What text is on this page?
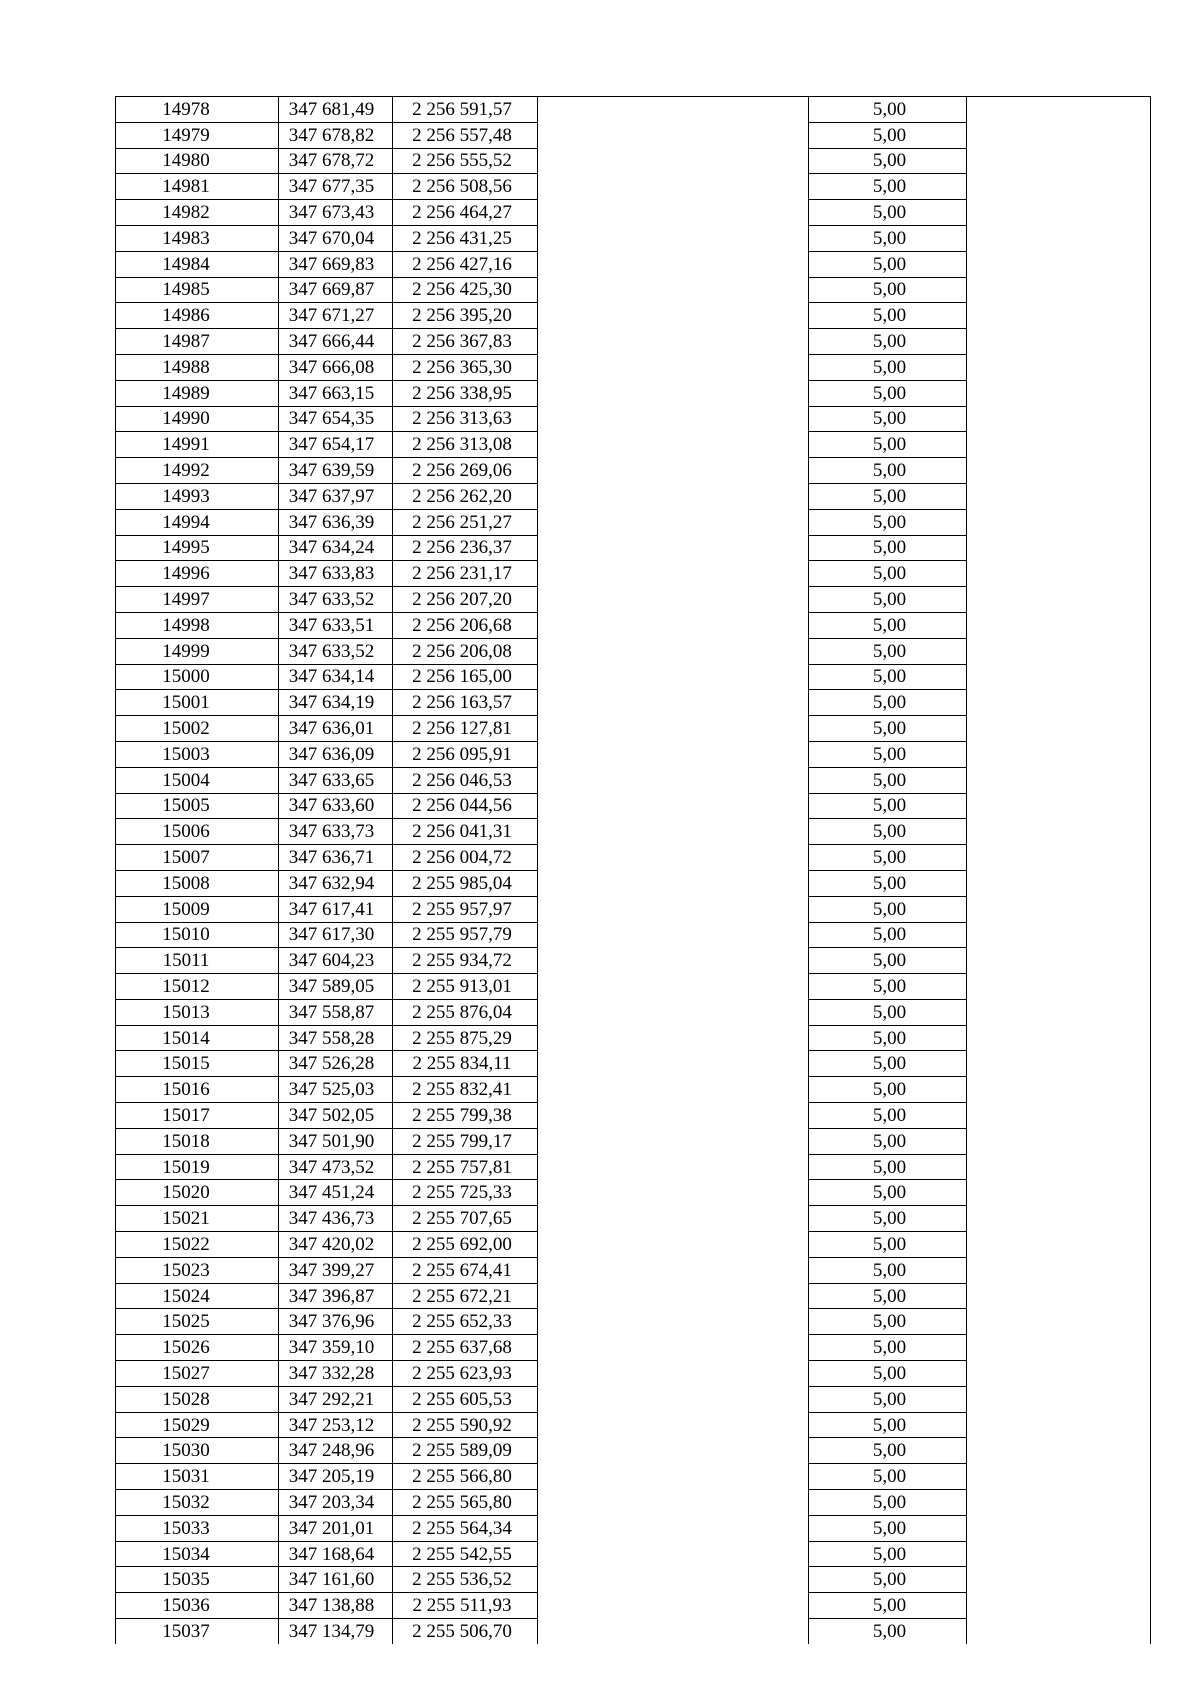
14978	347 681,49	2 256 591,57		5,00	
14979	347 678,82	2 256 557,48		5,00	
14980	347 678,72	2 256 555,52		5,00	
14981	347 677,35	2 256 508,56		5,00	
14982	347 673,43	2 256 464,27		5,00	
14983	347 670,04	2 256 431,25		5,00	
14984	347 669,83	2 256 427,16		5,00	
14985	347 669,87	2 256 425,30		5,00	
14986	347 671,27	2 256 395,20		5,00	
14987	347 666,44	2 256 367,83		5,00	
14988	347 666,08	2 256 365,30		5,00	
14989	347 663,15	2 256 338,95		5,00	
14990	347 654,35	2 256 313,63		5,00	
14991	347 654,17	2 256 313,08		5,00	
14992	347 639,59	2 256 269,06		5,00	
14993	347 637,97	2 256 262,20		5,00	
14994	347 636,39	2 256 251,27		5,00	
14995	347 634,24	2 256 236,37		5,00	
14996	347 633,83	2 256 231,17		5,00	
14997	347 633,52	2 256 207,20		5,00	
14998	347 633,51	2 256 206,68		5,00	
14999	347 633,52	2 256 206,08		5,00	
15000	347 634,14	2 256 165,00		5,00	
15001	347 634,19	2 256 163,57		5,00	
15002	347 636,01	2 256 127,81		5,00	
15003	347 636,09	2 256 095,91		5,00	
15004	347 633,65	2 256 046,53		5,00	
15005	347 633,60	2 256 044,56		5,00	
15006	347 633,73	2 256 041,31		5,00	
15007	347 636,71	2 256 004,72		5,00	
15008	347 632,94	2 255 985,04		5,00	
15009	347 617,41	2 255 957,97		5,00	
15010	347 617,30	2 255 957,79		5,00	
15011	347 604,23	2 255 934,72		5,00	
15012	347 589,05	2 255 913,01		5,00	
15013	347 558,87	2 255 876,04		5,00	
15014	347 558,28	2 255 875,29		5,00	
15015	347 526,28	2 255 834,11		5,00	
15016	347 525,03	2 255 832,41		5,00	
15017	347 502,05	2 255 799,38		5,00	
15018	347 501,90	2 255 799,17		5,00	
15019	347 473,52	2 255 757,81		5,00	
15020	347 451,24	2 255 725,33		5,00	
15021	347 436,73	2 255 707,65		5,00	
15022	347 420,02	2 255 692,00		5,00	
15023	347 399,27	2 255 674,41		5,00	
15024	347 396,87	2 255 672,21		5,00	
15025	347 376,96	2 255 652,33		5,00	
15026	347 359,10	2 255 637,68		5,00	
15027	347 332,28	2 255 623,93		5,00	
15028	347 292,21	2 255 605,53		5,00	
15029	347 253,12	2 255 590,92		5,00	
15030	347 248,96	2 255 589,09		5,00	
15031	347 205,19	2 255 566,80		5,00	
15032	347 203,34	2 255 565,80		5,00	
15033	347 201,01	2 255 564,34		5,00	
15034	347 168,64	2 255 542,55		5,00	
15035	347 161,60	2 255 536,52		5,00	
15036	347 138,88	2 255 511,93		5,00	
15037	347 134,79	2 255 506,70		5,00	
